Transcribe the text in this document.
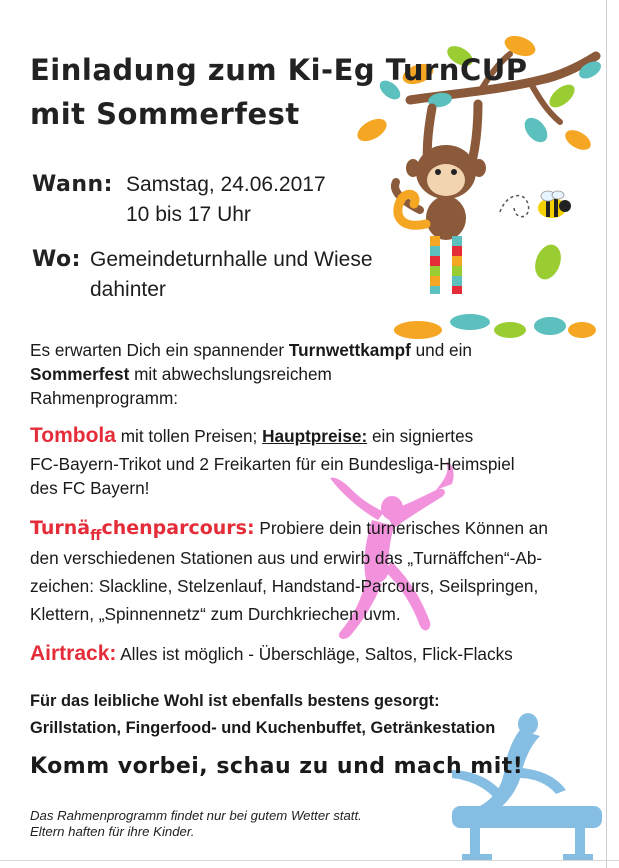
Einladung zum Ki-Eg TurnCUP
mit Sommerfest
Wann: Samstag, 24.06.2017
10 bis 17 Uhr
Wo: Gemeindeturnhalle und Wiese
dahinter
Es erwarten Dich ein spannender Turnwettkampf und ein
Sommerfest mit abwechslungsreichem
Rahmenprogramm:
Tombola mit tollen Preisen; Hauptpreise: ein signiertes
FC-Bayern-Trikot und 2 Freikarten für ein Bundesliga-Heimspiel
des FC Bayern!
Turnä$_{ff}$chenparcours: Probiere dein turnerisches Können an
den verschiedenen Stationen aus und erwirb das „Turnäffchen“-Ab-
zeichen: Slackline, Stelzenlauf, Handstand-Parcours, Seilspringen,
Klettern, „Spinnennetz“ zum Durchkriechen uvm.
Airtrack: Alles ist möglich - Überschläge, Saltos, Flick-Flacks
Für das leibliche Wohl ist ebenfalls bestens gesorgt:
Grillstation, Fingerfood- und Kuchenbuffet, Getränkestation
Komm vorbei, schau zu und mach mit!
Das Rahmenprogramm findet nur bei gutem Wetter statt.
Eltern haften für ihre Kinder.
